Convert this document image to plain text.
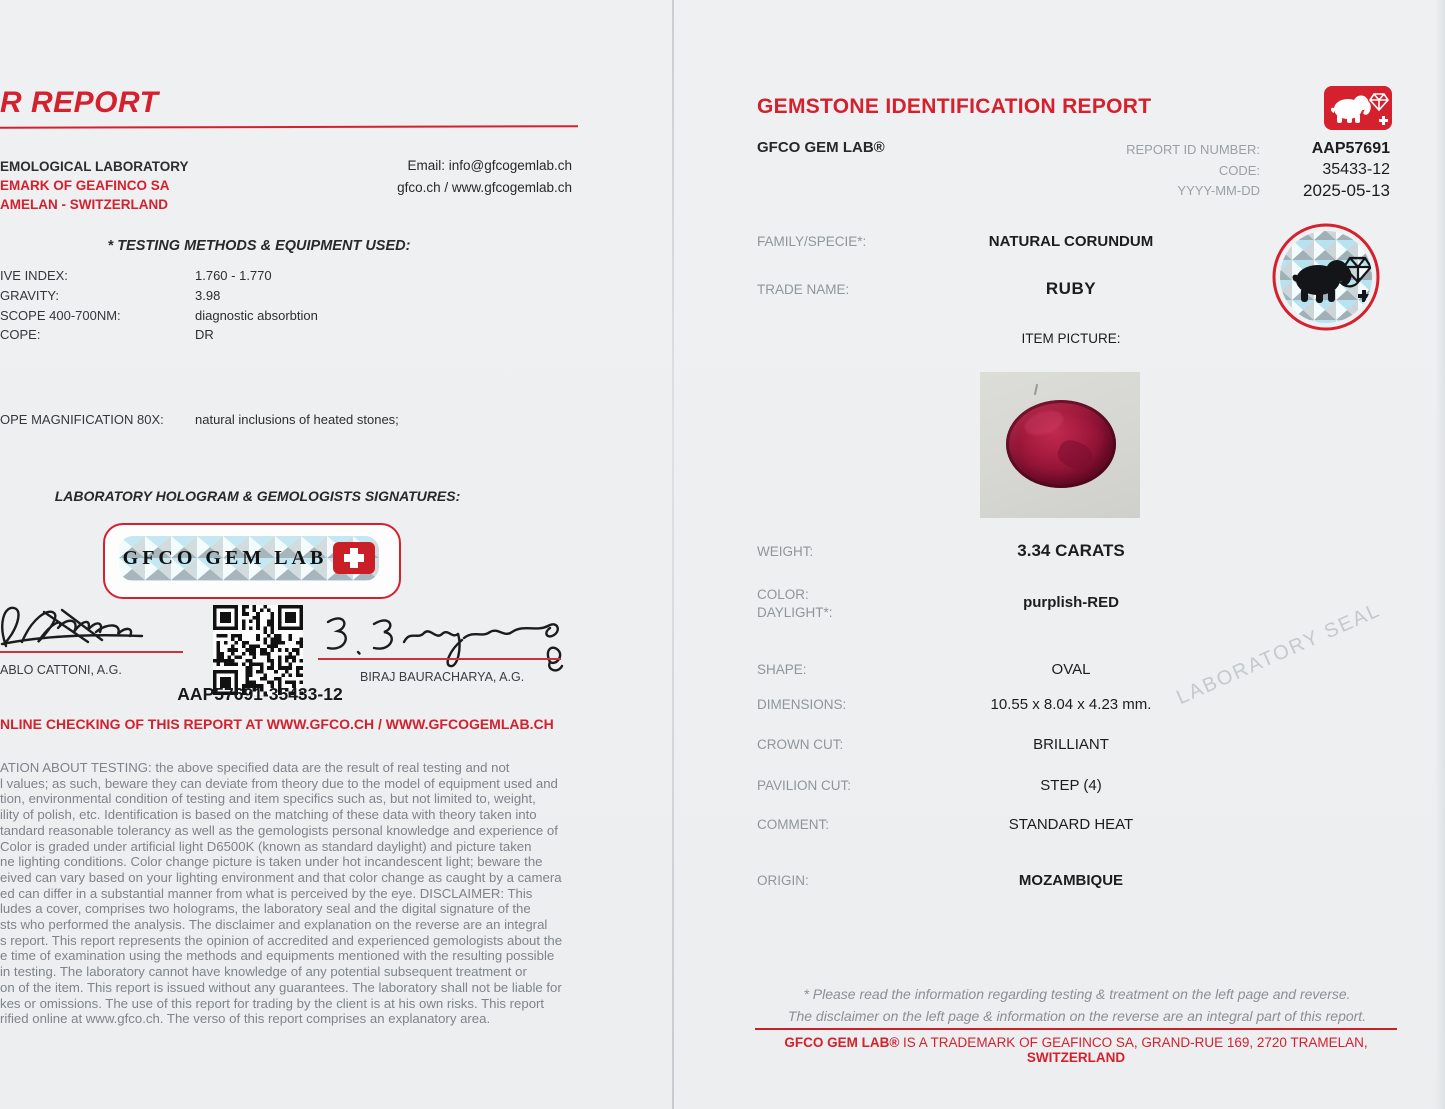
R REPORT
EMOLOGICAL LABORATORY
EMARK OF GEAFINCO SA
AMELAN - SWITZERLAND
Email: info@gfcogemlab.ch
gfco.ch / www.gfcogemlab.ch
* TESTING METHODS & EQUIPMENT USED:
IVE INDEX:	1.760 - 1.770
GRAVITY:	3.98
SCOPE 400-700NM:	diagnostic absorbtion
COPE:	DR
OPE MAGNIFICATION 80X: natural inclusions of heated stones;
LABORATORY HOLOGRAM & GEMOLOGISTS SIGNATURES:
GFCO GEM LAB
ABLO CATTONI, A.G.
AAP57691-35433-12
BIRAJ BAURACHARYA, A.G.
NLINE CHECKING OF THIS REPORT AT WWW.GFCO.CH / WWW.GFCOGEMLAB.CH
ATION ABOUT TESTING: the above specified data are the result of real testing and not
l values; as such, beware they can deviate from theory due to the model of equipment used and
tion, environmental condition of testing and item specifics such as, but not limited to, weight,
ility of polish, etc. Identification is based on the matching of these data with theory taken into
tandard reasonable tolerancy as well as the gemologists personal knowledge and experience of
Color is graded under artificial light D6500K (known as standard daylight) and picture taken
ne lighting conditions. Color change picture is taken under hot incandescent light; beware the
eived can vary based on your lighting environment and that color change as caught by a camera
ed can differ in a substantial manner from what is perceived by the eye. DISCLAIMER: This
ludes a cover, comprises two holograms, the laboratory seal and the digital signature of the
sts who performed the analysis. The disclaimer and explanation on the reverse are an integral
s report. This report represents the opinion of accredited and experienced gemologists about the
e time of examination using the methods and equipments mentioned with the resulting possible
in testing. The laboratory cannot have knowledge of any potential subsequent treatment or
on of the item. This report is issued without any guarantees. The laboratory shall not be liable for
kes or omissions. The use of this report for trading by the client is at his own risks. This report
rified online at www.gfco.ch. The verso of this report comprises an explanatory area.
GEMSTONE IDENTIFICATION REPORT
GFCO GEM LAB®	REPORT ID NUMBER:	AAP57691
CODE:	35433-12
YYYY-MM-DD	2025-05-13
FAMILY/SPECIE*:	NATURAL CORUNDUM
TRADE NAME:	RUBY
ITEM PICTURE:
WEIGHT:	3.34 CARATS
COLOR:
DAYLIGHT*:
purplish-RED
SHAPE:	OVAL
DIMENSIONS:	10.55 x 8.04 x 4.23 mm.
CROWN CUT:	BRILLIANT
PAVILION CUT:	STEP (4)
COMMENT:	STANDARD HEAT
ORIGIN:	MOZAMBIQUE
LABORATORY SEAL
* Please read the information regarding testing & treatment on the left page and reverse.
The disclaimer on the left page & information on the reverse are an integral part of this report.
GFCO GEM LAB® IS A TRADEMARK OF GEAFINCO SA, GRAND-RUE 169, 2720 TRAMELAN, SWITZERLAND
